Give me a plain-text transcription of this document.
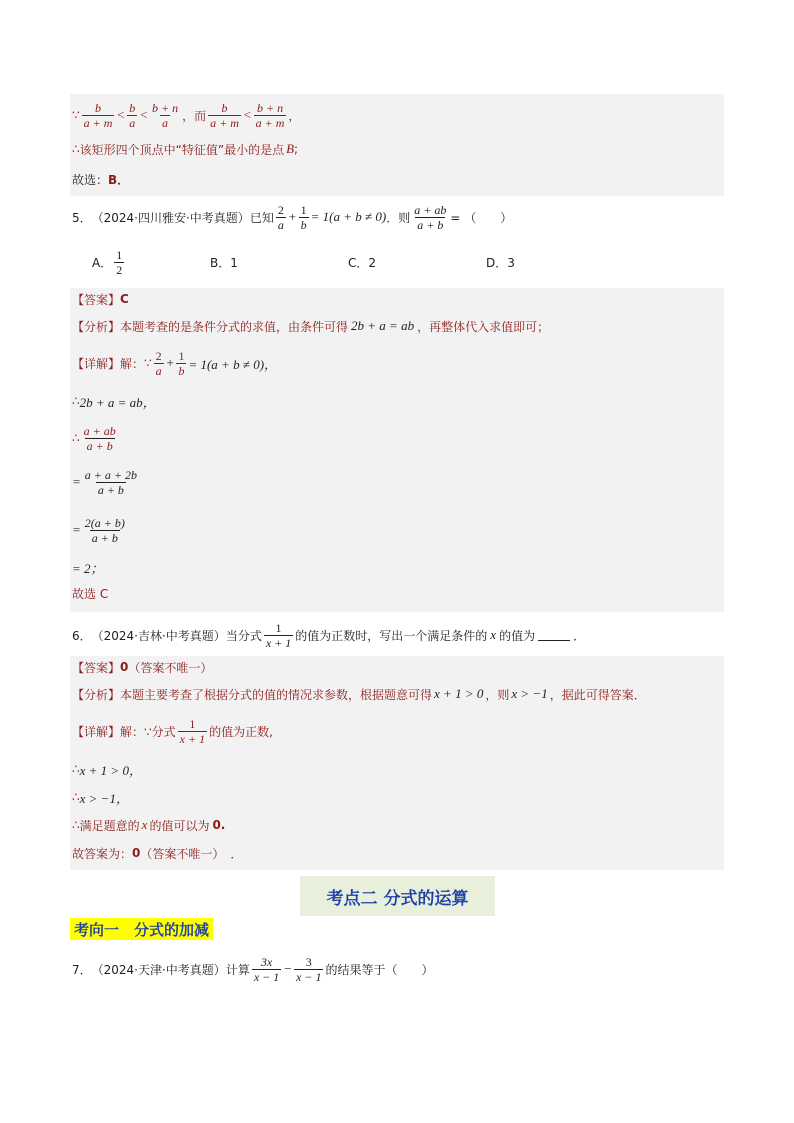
∵ $\frac{b}{a + m} < \frac{b}{a} < \frac{b + n}{a}$ ， 而 $\frac{b}{a + m} < \frac{b + n}{a + m}$ ，
∴ 该矩形四个顶点中“特征值”最小的是点 B ;
故选： B．
5． （2024·四川雅安·中考真题） 已知 $\frac{2}{a} + \frac{1}{b} = 1(a + b \ne 0)$ ．则 $\frac{a + ab}{a + b}$ = （　　）
A． $\frac{1}{2}$	B．1	C．2	D．3
【答案】 C
【分析】 本题考查的是条件分式的求值，由条件可得 2b + a = ab ，再整体代入求值即可；
【详解】 解： ∵ $\frac{2}{a} + \frac{1}{b} = 1(a + b \ne 0)$，
∴ 2b + a = ab，
∴ $\frac{a + ab}{a + b}$
= $\frac{a + a + 2b}{a + b}$
= $\frac{2(a + b)}{a + b}$
= 2；
故选 C
6． （2024·吉林·中考真题） 当分式 $\frac{1}{x + 1}$ 的值为正数时，写出一个满足条件的 x 的值为	．
【答案】 0 （答案不唯一）
【分析】 本题主要考查了根据分式的值的情况求参数，根据题意可得 x + 1 > 0 ，则 x > −1 ，据此可得答案．
【详解】 解：∵分式 $\frac{1}{x + 1}$ 的值为正数,
∴ x + 1 > 0，
∴ x > −1，
∴ 满足题意的 x 的值可以为 0.
故答案为： 0 （答案不唯一）　．
考点二 分式的运算
考向一　分式的加减
7． （2024·天津·中考真题） 计算 $\frac{3x}{x - 1} - \frac{3}{x - 1}$ 的结果等于（　　）
